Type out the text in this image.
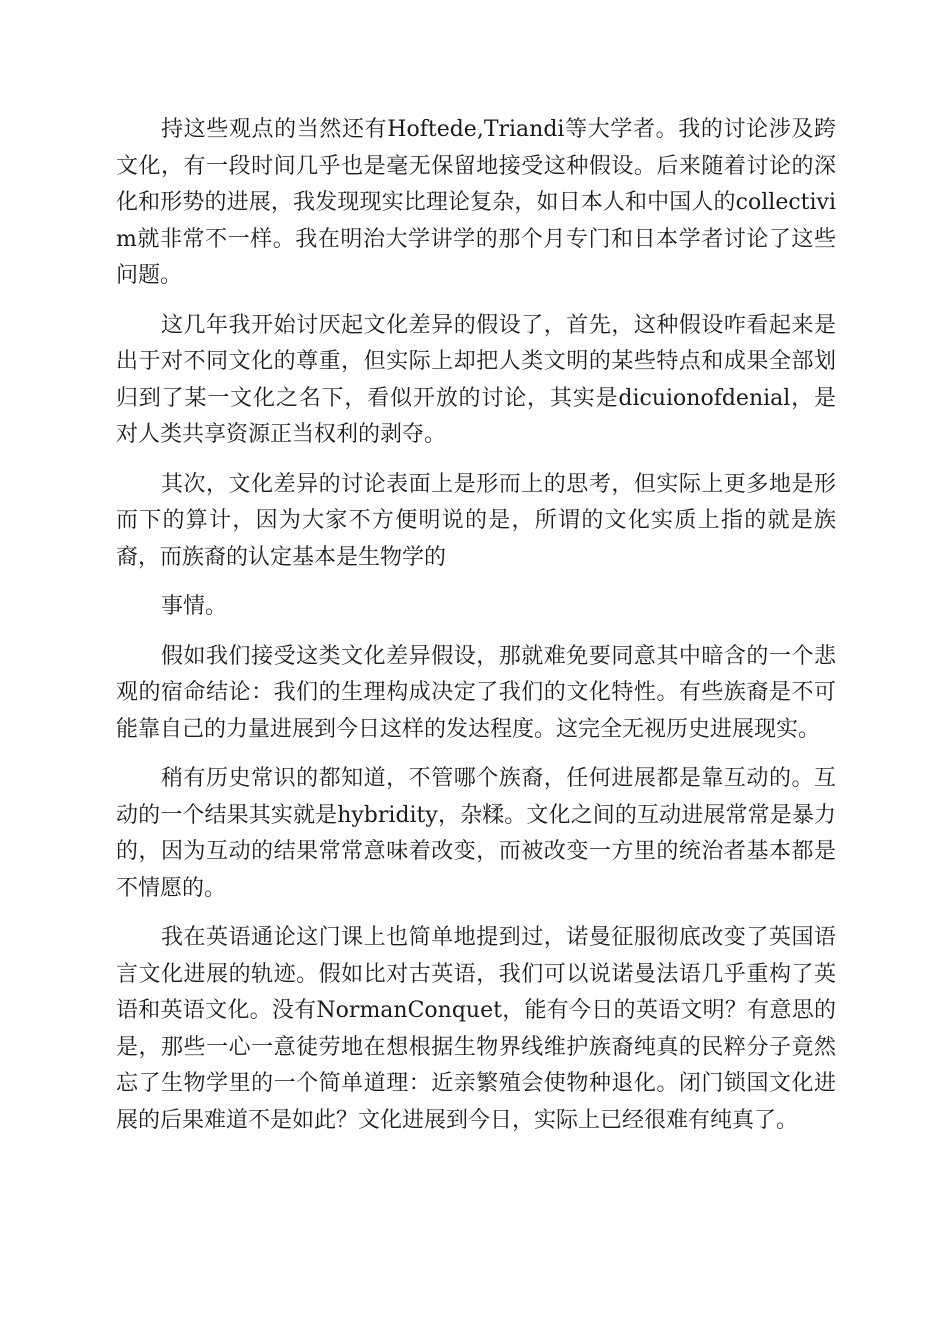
持这些观点的当然还有Hoftede,Triandi等大学者。我的讨论涉及跨文化，有一段时间几乎也是毫无保留地接受这种假设。后来随着讨论的深化和形势的进展，我发现现实比理论复杂，如日本人和中国人的collectivim就非常不一样。我在明治大学讲学的那个月专门和日本学者讨论了这些问题。

这几年我开始讨厌起文化差异的假设了，首先，这种假设咋看起来是出于对不同文化的尊重，但实际上却把人类文明的某些特点和成果全部划归到了某一文化之名下，看似开放的讨论，其实是dicuionofdenial，是对人类共享资源正当权利的剥夺。

其次，文化差异的讨论表面上是形而上的思考，但实际上更多地是形而下的算计，因为大家不方便明说的是，所谓的文化实质上指的就是族裔，而族裔的认定基本是生物学的

事情。

假如我们接受这类文化差异假设，那就难免要同意其中暗含的一个悲观的宿命结论：我们的生理构成决定了我们的文化特性。有些族裔是不可能靠自己的力量进展到今日这样的发达程度。这完全无视历史进展现实。

稍有历史常识的都知道，不管哪个族裔，任何进展都是靠互动的。互动的一个结果其实就是hybridity，杂糅。文化之间的互动进展常常是暴力的，因为互动的结果常常意味着改变，而被改变一方里的统治者基本都是不情愿的。

我在英语通论这门课上也简单地提到过，诺曼征服彻底改变了英国语言文化进展的轨迹。假如比对古英语，我们可以说诺曼法语几乎重构了英语和英语文化。没有NormanConquet，能有今日的英语文明？有意思的是，那些一心一意徒劳地在想根据生物界线维护族裔纯真的民粹分子竟然忘了生物学里的一个简单道理：近亲繁殖会使物种退化。闭门锁国文化进展的后果难道不是如此？文化进展到今日，实际上已经很难有纯真了。
